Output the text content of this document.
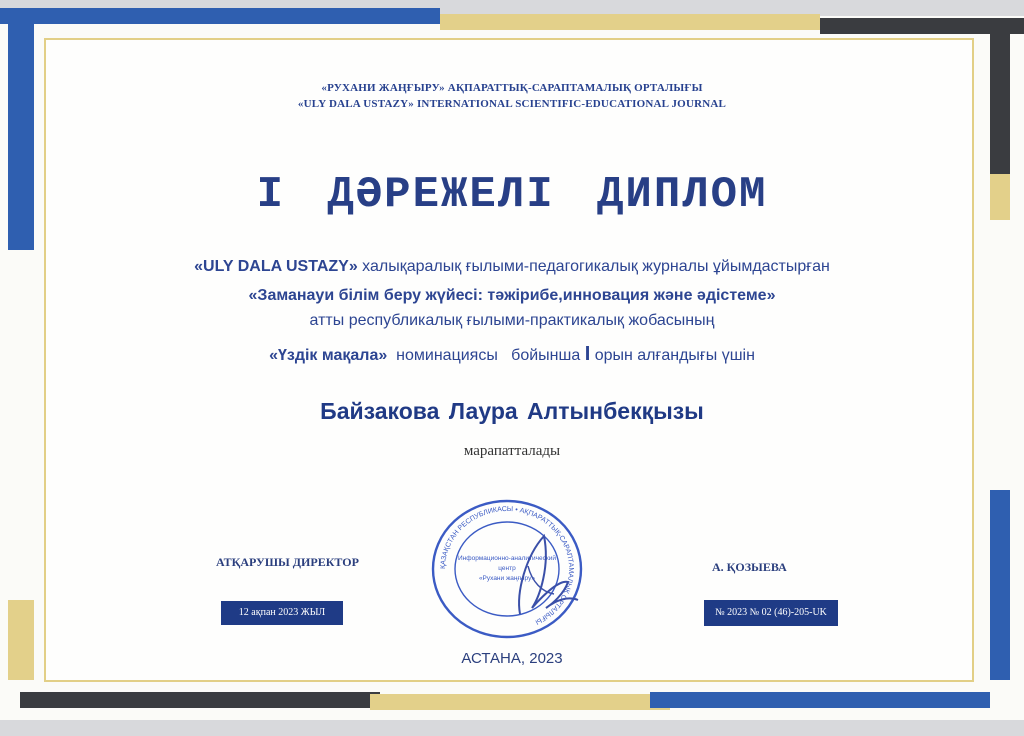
«РУХАНИ ЖАҢҒЫРУ» АҚПАРАТТЫҚ-САРАПТАМАЛЫҚ ОРТАЛЫҒЫ
«ULY DALA USTAZY» INTERNATIONAL SCIENTIFIC-EDUCATIONAL JOURNAL
І ДӘРЕЖЕЛІ ДИПЛОМ
«ULY DALA USTAZY» халықаралық ғылыми-педагогикалық журналы ұйымдастырған
«Заманауи білім беру жүйесі: тәжірибе,инновация және әдістеме»
атты республикалық ғылыми-практикалық жобасының
«Үздік мақала»  номинациясы   бойынша I орын алғандығы үшін
Байзакова Лаура Алтынбекқызы
марапатталады
АТҚАРУШЫ ДИРЕКТОР	А. ҚОЗЫЕВА
12 ақпан 2023 ЖЫЛ	№ 2023 № 02 (46)-205-UK
ҚАЗАҚСТАН РЕСПУБЛИКАСЫ • АҚПАРАТТЫҚ-САРАПТАМАЛЫҚ ОРТАЛЫҒЫ
Информационно-аналитический
центр
«Рухани жаңғыру»
АСТАНА, 2023
